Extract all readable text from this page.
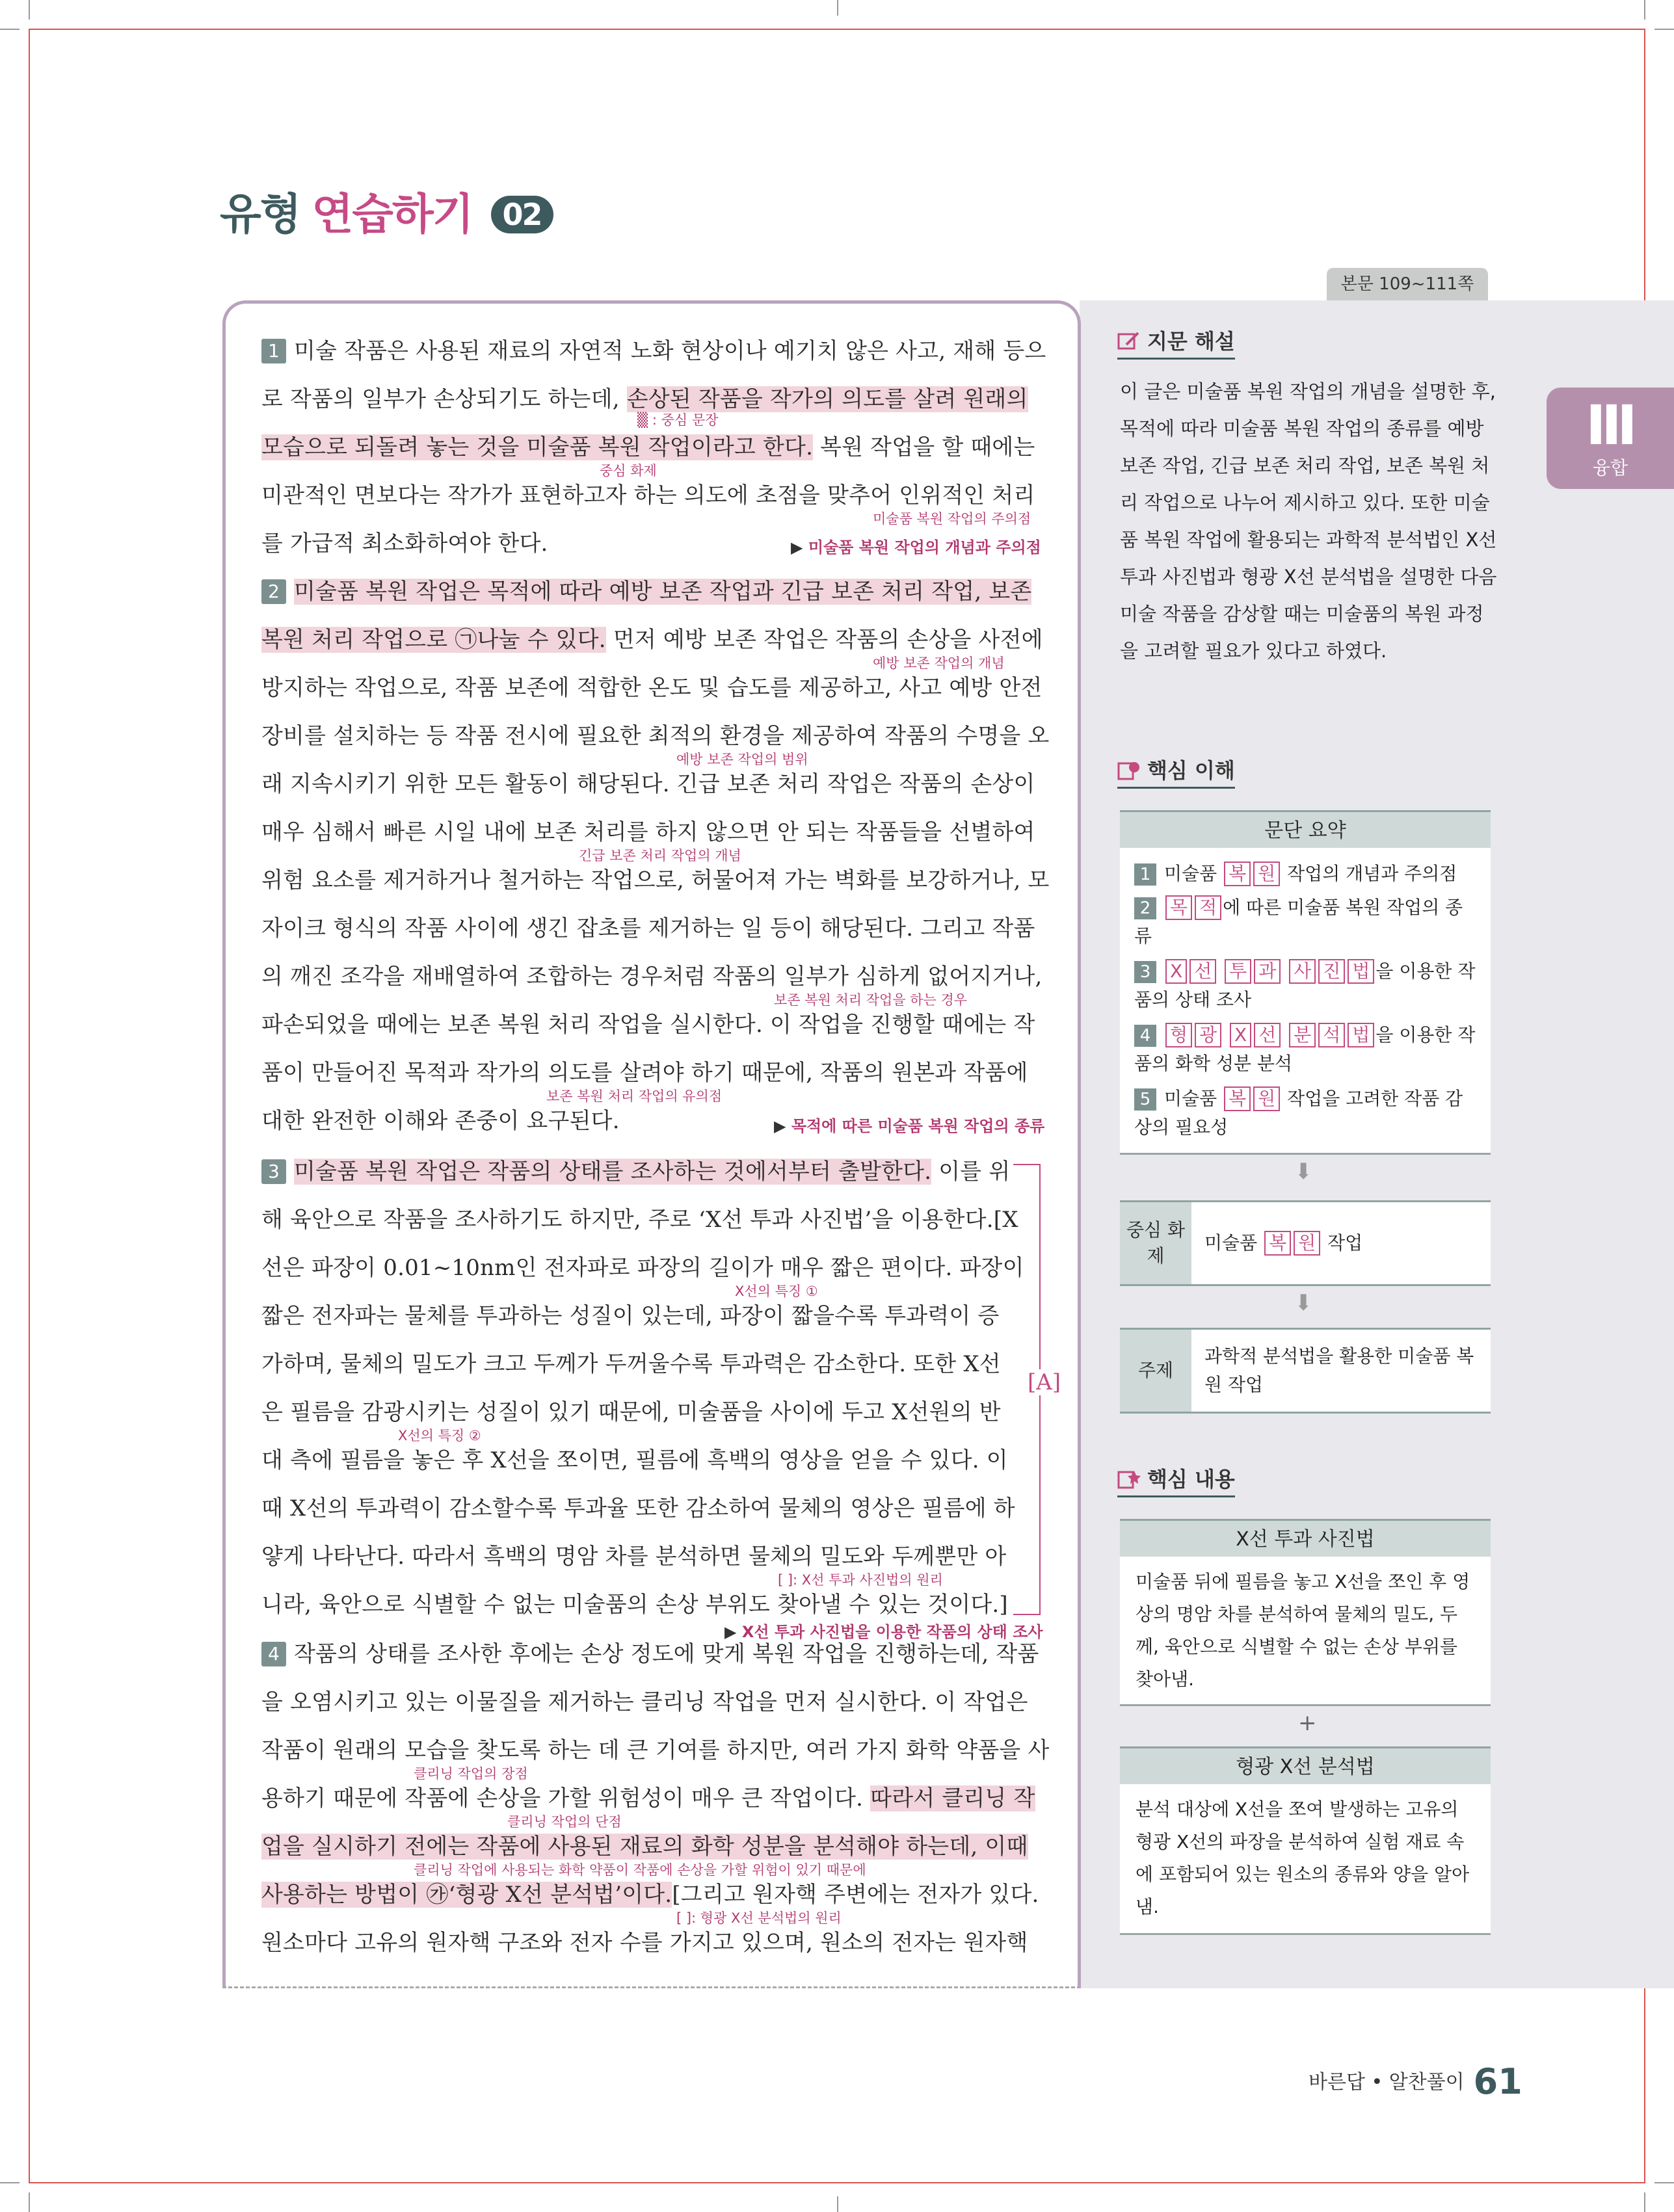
유형 연습하기 02
본문 109~111쪽
Ⅲ
융합
1 미술 작품은 사용된 재료의 자연적 노화 현상이나 예기치 않은 사고, 재해 등으
로 작품의 일부가 손상되기도 하는데, 손상된 작품을 작가의 의도를 살려 원래의
모습으로 되돌려 놓는 것을 미술품 복원 작업이라고 한다. 복원 작업을 할 때에는
미관적인 면보다는 작가가 표현하고자 하는 의도에 초점을 맞추어 인위적인 처리
를 가급적 최소화하여야 한다.
2 미술품 복원 작업은 목적에 따라 예방 보존 작업과 긴급 보존 처리 작업, 보존
복원 처리 작업으로 ㉠나눌 수 있다. 먼저 예방 보존 작업은 작품의 손상을 사전에
방지하는 작업으로, 작품 보존에 적합한 온도 및 습도를 제공하고, 사고 예방 안전
장비를 설치하는 등 작품 전시에 필요한 최적의 환경을 제공하여 작품의 수명을 오
래 지속시키기 위한 모든 활동이 해당된다. 긴급 보존 처리 작업은 작품의 손상이
매우 심해서 빠른 시일 내에 보존 처리를 하지 않으면 안 되는 작품들을 선별하여
위험 요소를 제거하거나 철거하는 작업으로, 허물어져 가는 벽화를 보강하거나, 모
자이크 형식의 작품 사이에 생긴 잡초를 제거하는 일 등이 해당된다. 그리고 작품
의 깨진 조각을 재배열하여 조합하는 경우처럼 작품의 일부가 심하게 없어지거나,
파손되었을 때에는 보존 복원 처리 작업을 실시한다. 이 작업을 진행할 때에는 작
품이 만들어진 목적과 작가의 의도를 살려야 하기 때문에, 작품의 원본과 작품에
대한 완전한 이해와 존중이 요구된다.
3 미술품 복원 작업은 작품의 상태를 조사하는 것에서부터 출발한다. 이를 위
해 육안으로 작품을 조사하기도 하지만, 주로 ‘X선 투과 사진법’을 이용한다.[X
선은 파장이 0.01~10nm인 전자파로 파장의 길이가 매우 짧은 편이다. 파장이
짧은 전자파는 물체를 투과하는 성질이 있는데, 파장이 짧을수록 투과력이 증
가하며, 물체의 밀도가 크고 두께가 두꺼울수록 투과력은 감소한다. 또한 X선
은 필름을 감광시키는 성질이 있기 때문에, 미술품을 사이에 두고 X선원의 반
대 측에 필름을 놓은 후 X선을 쪼이면, 필름에 흑백의 영상을 얻을 수 있다. 이
때 X선의 투과력이 감소할수록 투과율 또한 감소하여 물체의 영상은 필름에 하
얗게 나타난다. 따라서 흑백의 명암 차를 분석하면 물체의 밀도와 두께뿐만 아
니라, 육안으로 식별할 수 없는 미술품의 손상 부위도 찾아낼 수 있는 것이다.]
4 작품의 상태를 조사한 후에는 손상 정도에 맞게 복원 작업을 진행하는데, 작품
을 오염시키고 있는 이물질을 제거하는 클리닝 작업을 먼저 실시한다. 이 작업은
작품이 원래의 모습을 찾도록 하는 데 큰 기여를 하지만, 여러 가지 화학 약품을 사
용하기 때문에 작품에 손상을 가할 위험성이 매우 큰 작업이다. 따라서 클리닝 작
업을 실시하기 전에는 작품에 사용된 재료의 화학 성분을 분석해야 하는데, 이때
사용하는 방법이 ㉮‘형광 X선 분석법’이다.[그리고 원자핵 주변에는 전자가 있다.
원소마다 고유의 원자핵 구조와 전자 수를 가지고 있으며, 원소의 전자는 원자핵
▒ : 중심 문장
중심 화제
미술품 복원 작업의 주의점
예방 보존 작업의 개념
예방 보존 작업의 범위
긴급 보존 처리 작업의 개념
보존 복원 처리 작업을 하는 경우
보존 복원 처리 작업의 유의점
X선의 특징 ①
X선의 특징 ②
[ ]: X선 투과 사진법의 원리
클리닝 작업의 장점
클리닝 작업의 단점
클리닝 작업에 사용되는 화학 약품이 작품에 손상을 가할 위험이 있기 때문에
[ ]: 형광 X선 분석법의 원리
▶ 미술품 복원 작업의 개념과 주의점
▶ 목적에 따른 미술품 복원 작업의 종류
▶ X선 투과 사진법을 이용한 작품의 상태 조사
[A]
지문 해설
이 글은 미술품 복원 작업의 개념을 설명한 후, 목적에 따라 미술품 복원 작업의 종류를 예방 보존 작업, 긴급 보존 처리 작업, 보존 복원 처리 작업으로 나누어 제시하고 있다. 또한 미술품 복원 작업에 활용되는 과학적 분석법인 X선 투과 사진법과 형광 X선 분석법을 설명한 다음 미술 작품을 감상할 때는 미술품의 복원 과정을 고려할 필요가 있다고 하였다.
핵심 이해
문단 요약
1 미술품 복 원 작업의 개념과 주의점
2 목 적 에 따른 미술품 복원 작업의 종류
3 X 선 투 과 사 진 법 을 이용한 작품의 상태 조사
4 형 광 X 선 분 석 법 을 이용한 작품의 화학 성분 분석
5 미술품 복 원 작업을 고려한 작품 감상의 필요성
⬇
중심 화제
미술품
복 원
작업
⬇
주제
과학적 분석법을 활용한 미술품 복원 작업
핵심 내용
X선 투과 사진법
미술품 뒤에 필름을 놓고 X선을 쪼인 후 영상의 명암 차를 분석하여 물체의 밀도, 두께, 육안으로 식별할 수 없는 손상 부위를 찾아냄.
+
형광 X선 분석법
분석 대상에 X선을 쪼여 발생하는 고유의 형광 X선의 파장을 분석하여 실험 재료 속에 포함되어 있는 원소의 종류와 양을 알아냄.
바른답 • 알찬풀이 61
